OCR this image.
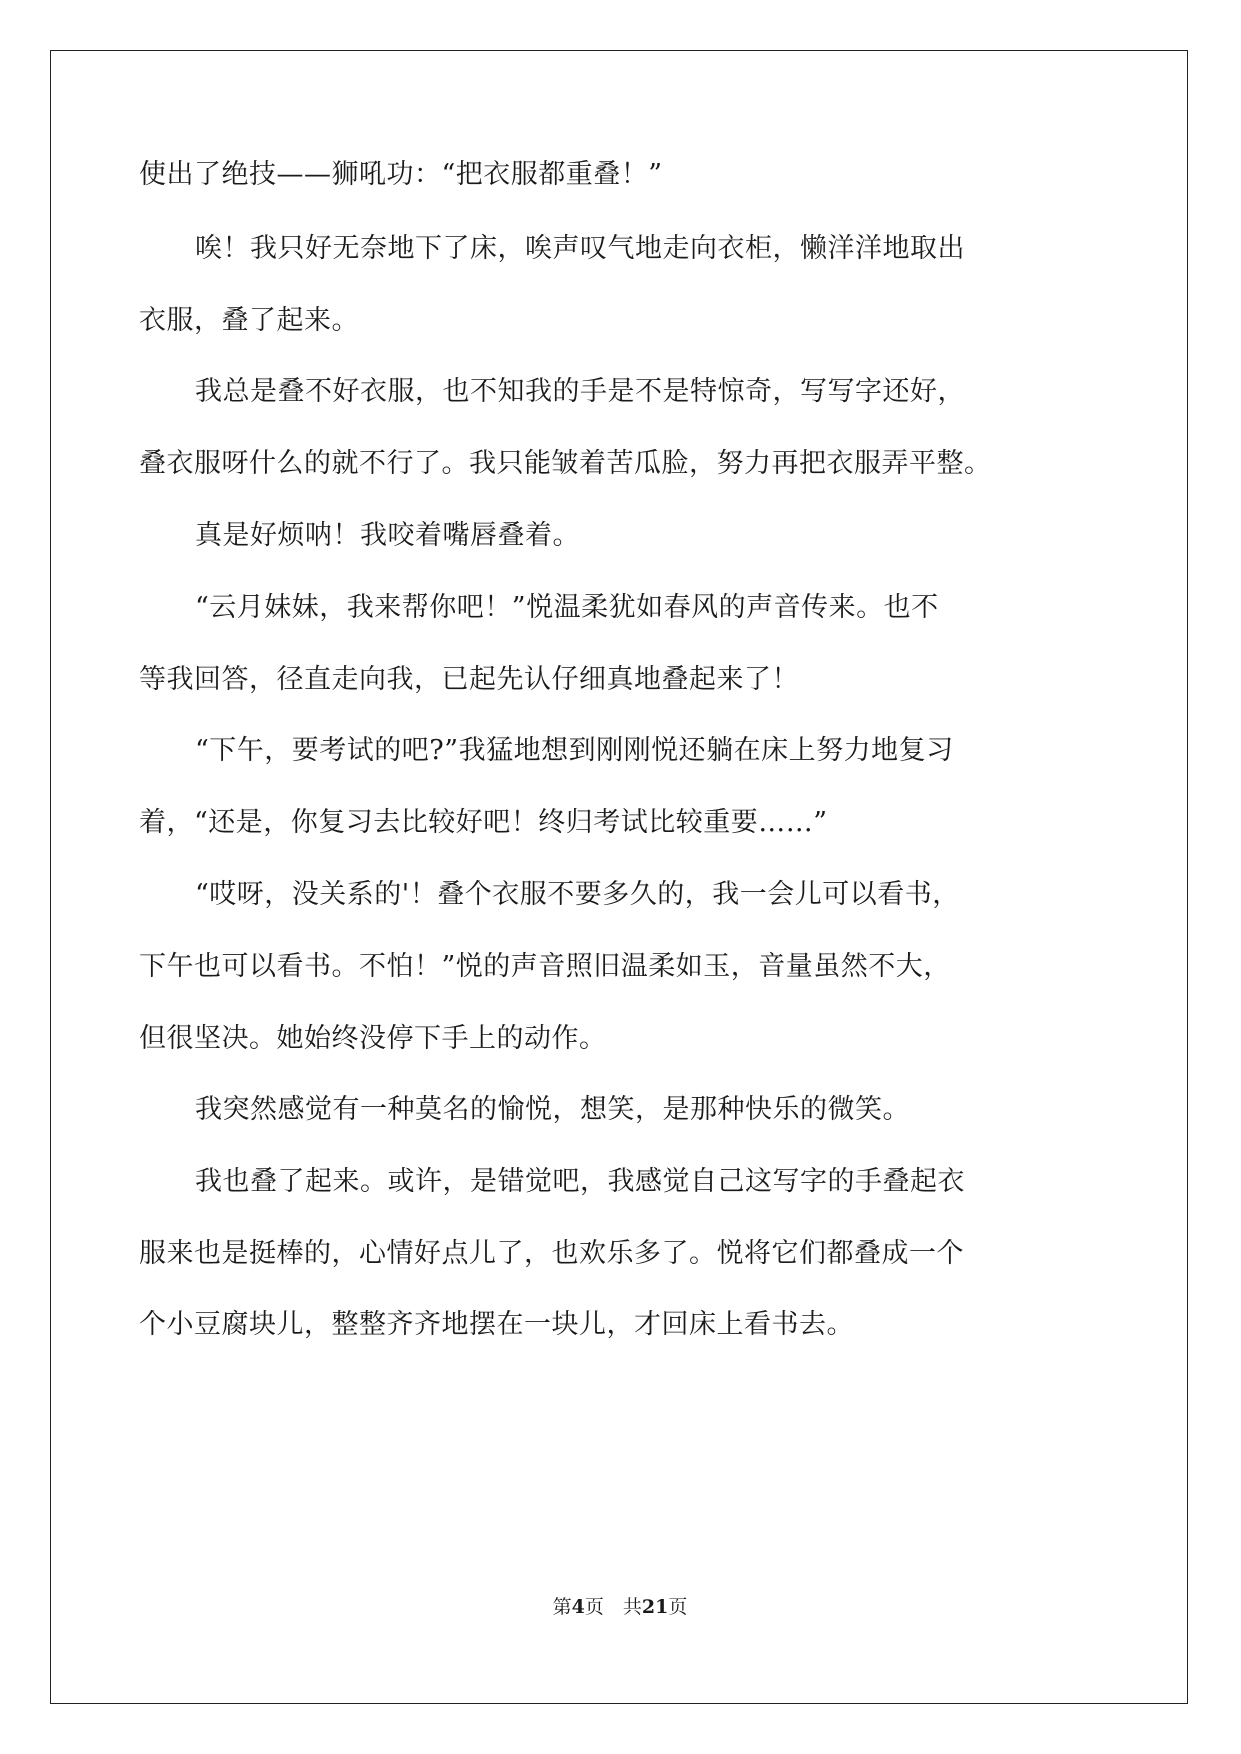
使出了绝技——狮吼功：“把衣服都重叠！”
唉！我只好无奈地下了床，唉声叹气地走向衣柜，懒洋洋地取出
衣服，叠了起来。
我总是叠不好衣服，也不知我的手是不是特惊奇，写写字还好，
叠衣服呀什么的就不行了。我只能皱着苦瓜脸，努力再把衣服弄平整。
真是好烦呐！我咬着嘴唇叠着。
“云月妹妹，我来帮你吧！”悦温柔犹如春风的声音传来。也不
等我回答，径直走向我，已起先认仔细真地叠起来了！
“下午，要考试的吧?”我猛地想到刚刚悦还躺在床上努力地复习
着，“还是，你复习去比较好吧！终归考试比较重要……”
“哎呀，没关系的'！叠个衣服不要多久的，我一会儿可以看书，
下午也可以看书。不怕！”悦的声音照旧温柔如玉，音量虽然不大，
但很坚决。她始终没停下手上的动作。
我突然感觉有一种莫名的愉悦，想笑，是那种快乐的微笑。
我也叠了起来。或许，是错觉吧，我感觉自己这写字的手叠起衣
服来也是挺棒的，心情好点儿了，也欢乐多了。悦将它们都叠成一个
个小豆腐块儿，整整齐齐地摆在一块儿，才回床上看书去。
第4页　共21页
